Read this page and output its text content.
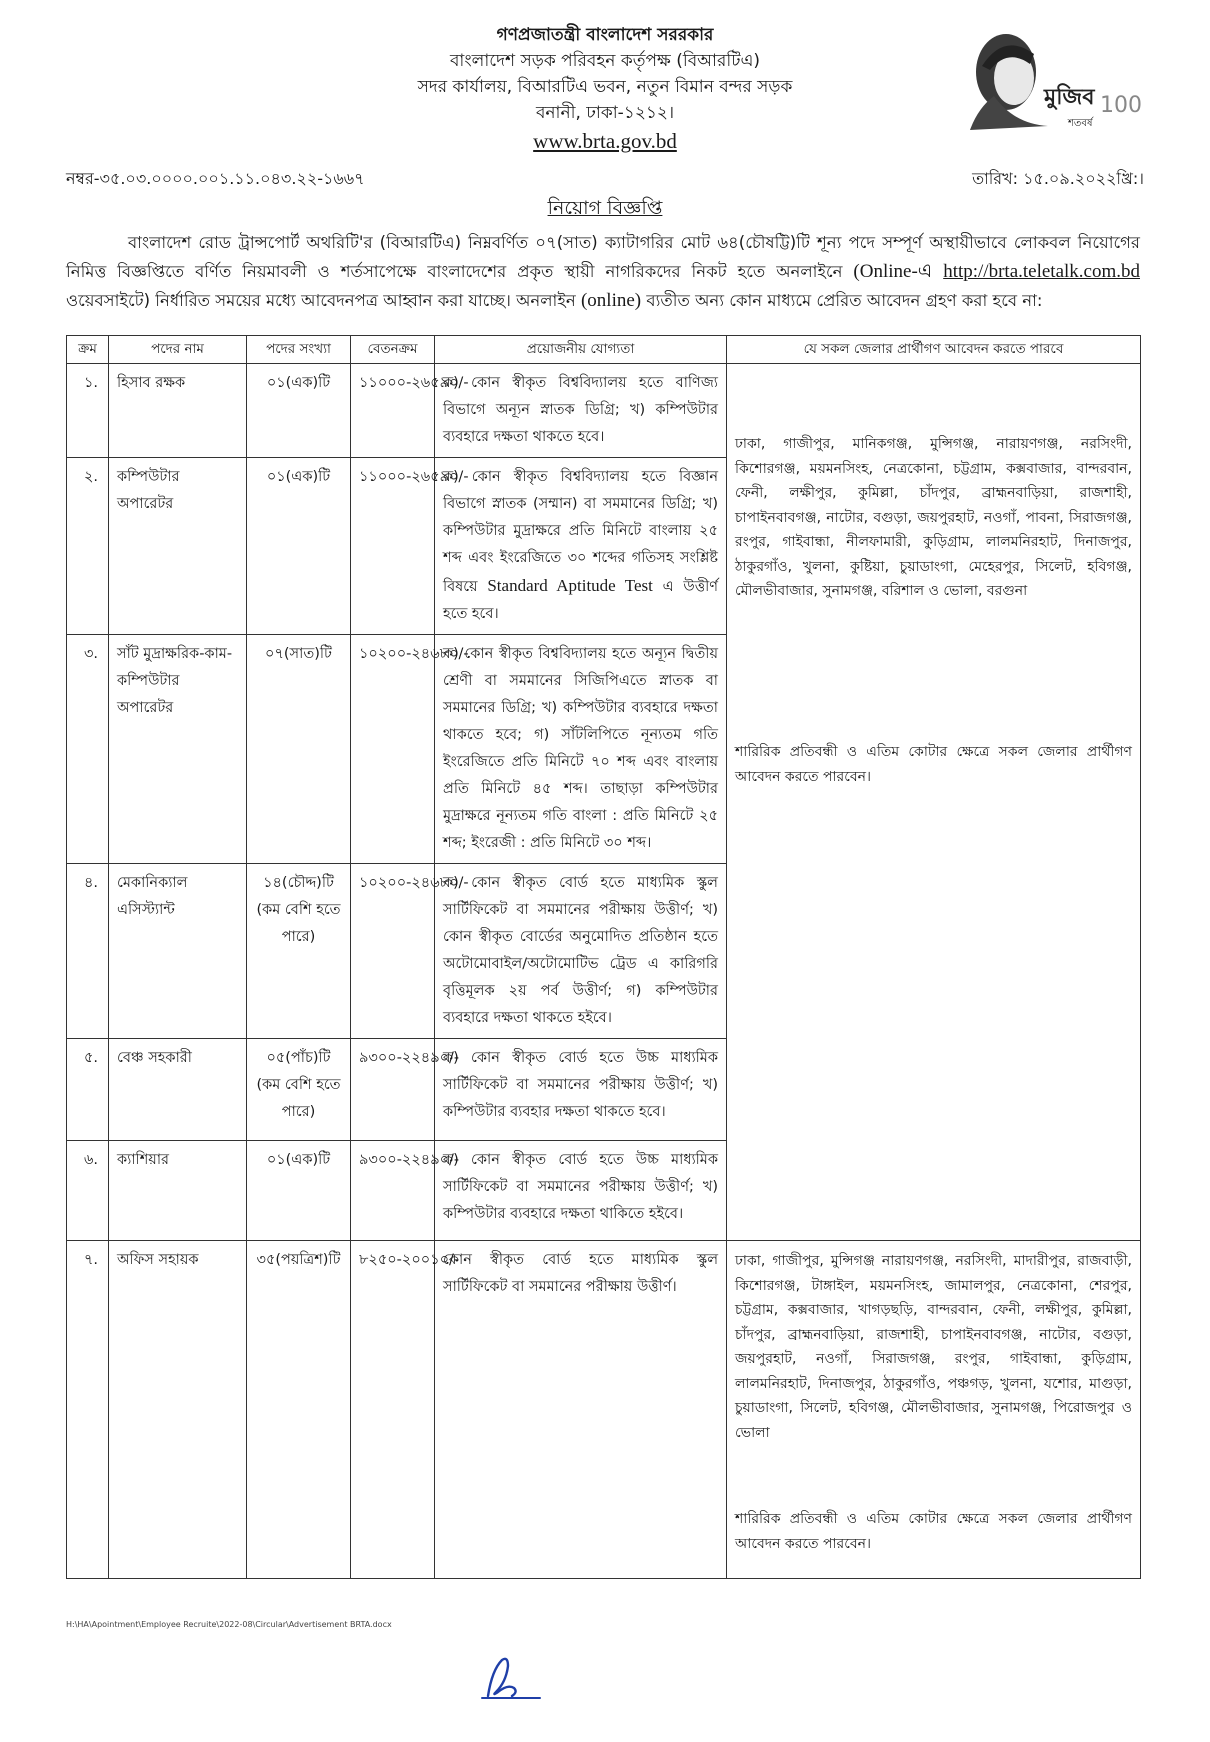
গণপ্রজাতন্ত্রী বাংলাদেশ সররকার
বাংলাদেশ সড়ক পরিবহন কর্তৃপক্ষ (বিআরটিএ)
সদর কার্যালয়, বিআরটিএ ভবন, নতুন বিমান বন্দর সড়ক
বনানী, ঢাকা-১২১২।
www.brta.gov.bd
মুজিব
শতবর্ষ
100
নম্বর-৩৫.০৩.০০০০.০০১.১১.০৪৩.২২-১৬৬৭	তারিখ: ১৫.০৯.২০২২খ্রি:।
নিয়োগ বিজ্ঞপ্তি
বাংলাদেশ রোড ট্রান্সপোর্ট অথরিটি'র (বিআরটিএ) নিম্নবর্ণিত ০৭(সাত) ক্যাটাগরির মোট ৬৪(চৌষট্টি)টি শূন্য পদে সম্পূর্ণ অস্থায়ীভাবে লোকবল নিয়োগের নিমিত্ত বিজ্ঞপ্তিতে বর্ণিত নিয়মাবলী ও শর্তসাপেক্ষে বাংলাদেশের প্রকৃত স্থায়ী নাগরিকদের নিকট হতে অনলাইনে (Online-এ http://brta.teletalk.com.bd ওয়েবসাইটে) নির্ধারিত সময়ের মধ্যে আবেদনপত্র আহ্বান করা যাচ্ছে। অনলাইন (online) ব্যতীত অন্য কোন মাধ্যমে প্রেরিত আবেদন গ্রহণ করা হবে না:
ক্রম	পদের নাম	পদের সংখ্যা	বেতনক্রম	প্রয়োজনীয় যোগ্যতা	যে সকল জেলার প্রার্থীগণ আবেদন করতে পারবে
১.	হিসাব রক্ষক	০১(এক)টি	১১০০০-২৬৫৯০/-	ক) কোন স্বীকৃত বিশ্ববিদ্যালয় হতে বাণিজ্য বিভাগে অন্যূন স্নাতক ডিগ্রি; খ) কম্পিউটার ব্যবহারে দক্ষতা থাকতে হবে।	ঢাকা, গাজীপুর, মানিকগঞ্জ, মুন্সিগঞ্জ, নারায়ণগঞ্জ, নরসিংদী, কিশোরগঞ্জ, ময়মনসিংহ, নেত্রকোনা, চট্টগ্রাম, কক্সবাজার, বান্দরবান, ফেনী, লক্ষীপুর, কুমিল্লা, চাঁদপুর, ব্রাহ্মনবাড়িয়া, রাজশাহী, চাপাইনবাবগঞ্জ, নাটোর, বগুড়া, জয়পুরহাট, নওগাঁ, পাবনা, সিরাজগঞ্জ, রংপুর, গাইবান্ধা, নীলফামারী, কুড়িগ্রাম, লালমনিরহাট, দিনাজপুর, ঠাকুরগাঁও, খুলনা, কুষ্টিয়া, চুয়াডাংগা, মেহেরপুর, সিলেট, হবিগঞ্জ, মৌলভীবাজার, সুনামগঞ্জ, বরিশাল ও ভোলা, বরগুনা
শারিরিক প্রতিবন্ধী ও এতিম কোটার ক্ষেত্রে সকল জেলার প্রার্থীগণ আবেদন করতে পারবেন।

২.	কম্পিউটার অপারেটর	০১(এক)টি	১১০০০-২৬৫৯০/-	ক) কোন স্বীকৃত বিশ্ববিদ্যালয় হতে বিজ্ঞান বিভাগে স্নাতক (সম্মান) বা সমমানের ডিগ্রি; খ) কম্পিউটার মুদ্রাক্ষরে প্রতি মিনিটে বাংলায় ২৫ শব্দ এবং ইংরেজিতে ৩০ শব্দের গতিসহ সংশ্লিষ্ট বিষয়ে Standard Aptitude Test এ উত্তীর্ণ হতে হবে।	
৩.	সাঁট মুদ্রাক্ষরিক-কাম-কম্পিউটার অপারেটর	০৭(সাত)টি	১০২০০-২৪৬৮০/-	ক) কোন স্বীকৃত বিশ্ববিদ্যালয় হতে অন্যূন দ্বিতীয় শ্রেণী বা সমমানের সিজিপিএতে স্নাতক বা সমমানের ডিগ্রি; খ) কম্পিউটার ব্যবহারে দক্ষতা থাকতে হবে; গ) সাঁটলিপিতে নূন্যতম গতি ইংরেজিতে প্রতি মিনিটে ৭০ শব্দ এবং বাংলায় প্রতি মিনিটে ৪৫ শব্দ। তাছাড়া কম্পিউটার মুদ্রাক্ষরে নূন্যতম গতি বাংলা : প্রতি মিনিটে ২৫ শব্দ; ইংরেজী : প্রতি মিনিটে ৩০ শব্দ।	
৪.	মেকানিক্যাল এসিস্ট্যান্ট	১৪(চৌদ্দ)টি (কম বেশি হতে পারে)	১০২০০-২৪৬৮০/-	ক) কোন স্বীকৃত বোর্ড হতে মাধ্যমিক স্কুল সার্টিফিকেট বা সমমানের পরীক্ষায় উত্তীর্ণ; খ) কোন স্বীকৃত বোর্ডের অনুমোদিত প্রতিষ্ঠান হতে অটোমোবাইল/অটোমোটিভ ট্রেড এ কারিগরি বৃত্তিমূলক ২য় পর্ব উত্তীর্ণ; গ) কম্পিউটার ব্যবহারে দক্ষতা থাকতে হইবে।	
৫.	বেঞ্চ সহকারী	০৫(পাঁচ)টি (কম বেশি হতে পারে)	৯৩০০-২২৪৯০/-	ক) কোন স্বীকৃত বোর্ড হতে উচ্চ মাধ্যমিক সার্টিফিকেট বা সমমানের পরীক্ষায় উত্তীর্ণ; খ) কম্পিউটার ব্যবহার দক্ষতা থাকতে হবে।	
৬.	ক্যাশিয়ার	০১(এক)টি	৯৩০০-২২৪৯০/-	ক) কোন স্বীকৃত বোর্ড হতে উচ্চ মাধ্যমিক সার্টিফিকেট বা সমমানের পরীক্ষায় উত্তীর্ণ; খ) কম্পিউটার ব্যবহারে দক্ষতা থাকিতে হইবে।	
৭.	অফিস সহায়ক	৩৫(পয়ত্রিশ)টি	৮২৫০-২০০১০/-	কোন স্বীকৃত বোর্ড হতে মাধ্যমিক স্কুল সার্টিফিকেট বা সমমানের পরীক্ষায় উত্তীর্ণ।	ঢাকা, গাজীপুর, মুন্সিগঞ্জ নারায়ণগঞ্জ, নরসিংদী, মাদারীপুর, রাজবাড়ী, কিশোরগঞ্জ, টাঙ্গাইল, ময়মনসিংহ, জামালপুর, নেত্রকোনা, শেরপুর, চট্টগ্রাম, কক্সবাজার, খাগড়ছড়ি, বান্দরবান, ফেনী, লক্ষীপুর, কুমিল্লা, চাঁদপুর, ব্রাহ্মনবাড়িয়া, রাজশাহী, চাপাইনবাবগঞ্জ, নাটোর, বগুড়া, জয়পুরহাট, নওগাঁ, সিরাজগঞ্জ, রংপুর, গাইবান্ধা, কুড়িগ্রাম, লালমনিরহাট, দিনাজপুর, ঠাকুরগাঁও, পঞ্চগড়, খুলনা, যশোর, মাগুড়া, চুয়াডাংগা, সিলেট, হবিগঞ্জ, মৌলভীবাজার, সুনামগঞ্জ, পিরোজপুর ও ভোলা
শারিরিক প্রতিবন্ধী ও এতিম কোটার ক্ষেত্রে সকল জেলার প্রার্থীগণ আবেদন করতে পারবেন।
H:\HA\Apointment\Employee Recruite\2022-08\Circular\Advertisement BRTA.docx
